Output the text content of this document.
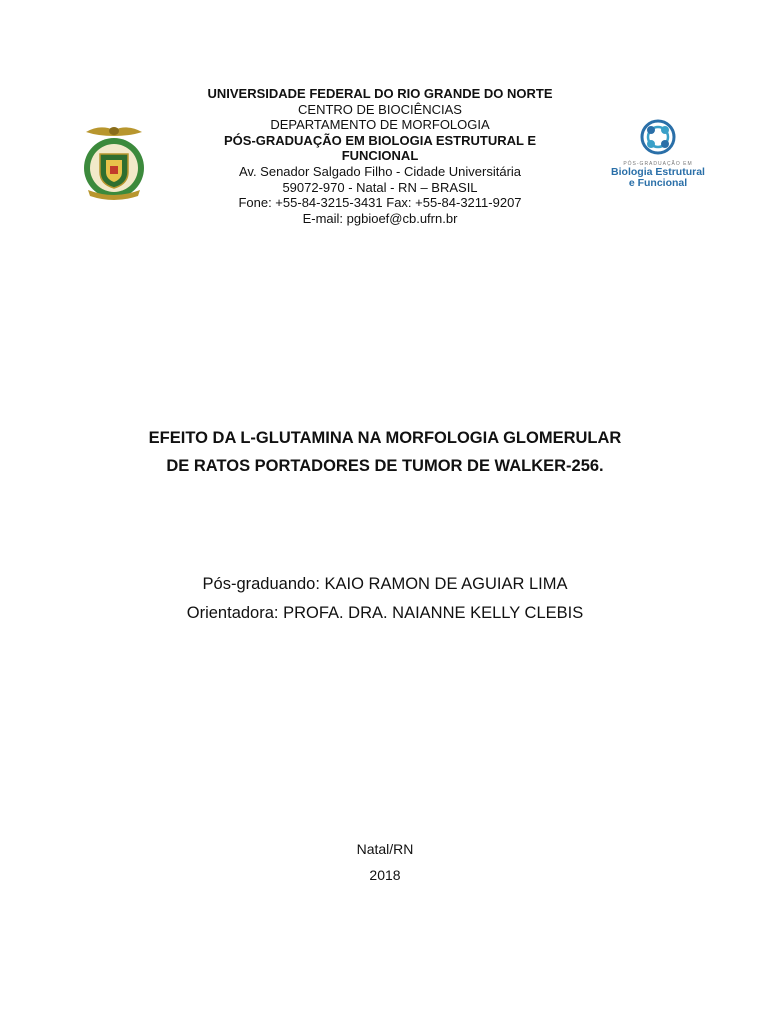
UNIVERSIDADE FEDERAL DO RIO GRANDE DO NORTE
CENTRO DE BIOCIÊNCIAS
DEPARTAMENTO DE MORFOLOGIA
PÓS-GRADUAÇÃO EM BIOLOGIA ESTRUTURAL E
FUNCIONAL
Av. Senador Salgado Filho - Cidade Universitária
59072-970 - Natal - RN – BRASIL
Fone: +55-84-3215-3431 Fax: +55-84-3211-9207
E-mail: pgbioef@cb.ufrn.br
PÓS-GRADUAÇÃO EM
Biologia Estrutural
e Funcional
EFEITO DA L-GLUTAMINA NA MORFOLOGIA GLOMERULAR
DE RATOS PORTADORES DE TUMOR DE WALKER-256.
Pós-graduando: KAIO RAMON DE AGUIAR LIMA
Orientadora: PROFA. DRA. NAIANNE KELLY CLEBIS
Natal/RN
2018
